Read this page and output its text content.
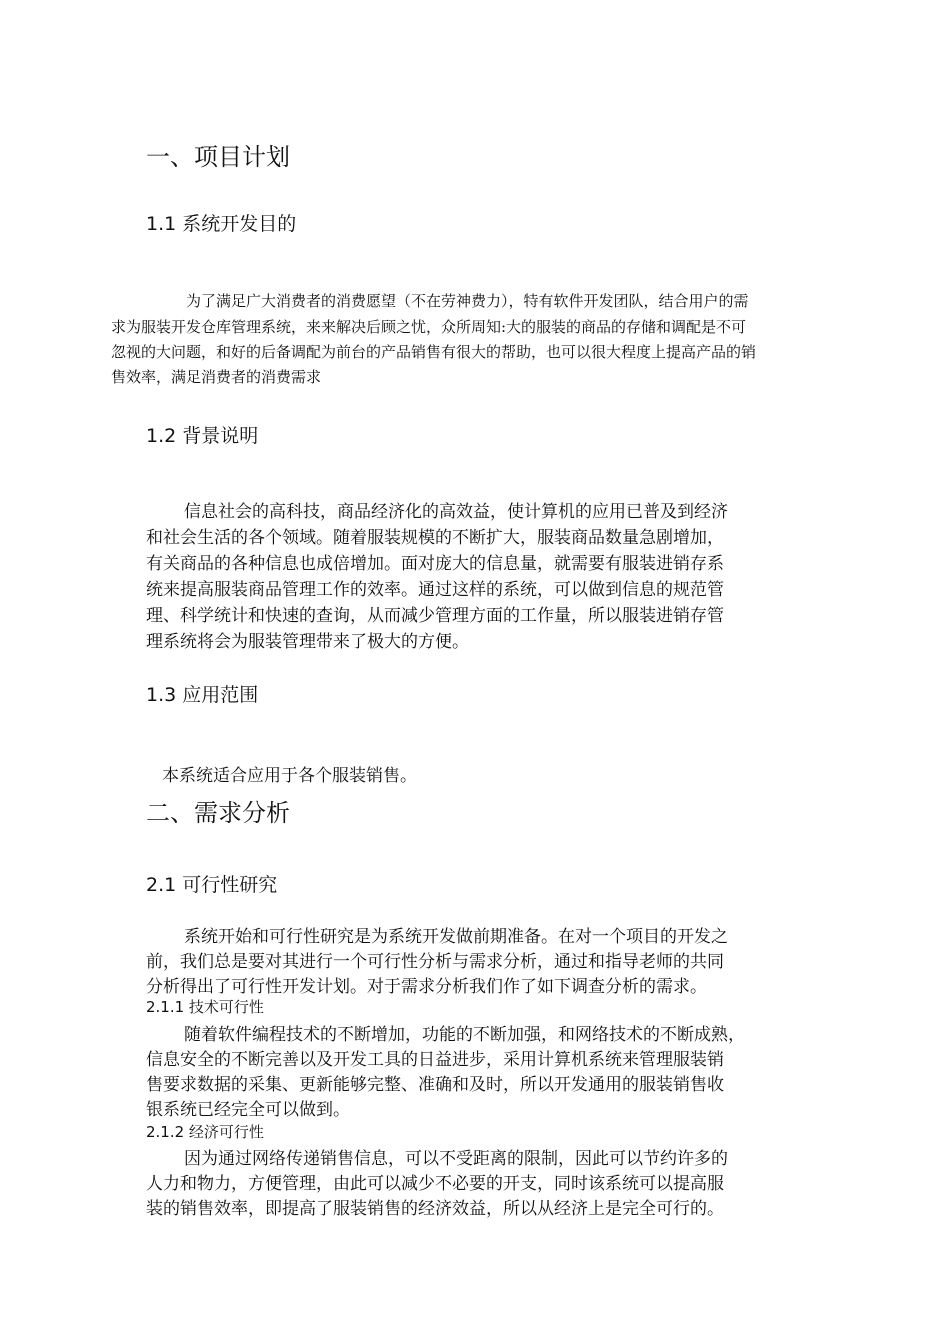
一、项目计划
1.1 系统开发目的
为了满足广大消费者的消费愿望（不在劳神费力），特有软件开发团队，结合用户的需
求为服装开发仓库管理系统，来来解决后顾之忧，众所周知:大的服装的商品的存储和调配是不可
忽视的大问题，和好的后备调配为前台的产品销售有很大的帮助，也可以很大程度上提高产品的销
售效率，满足消费者的消费需求
1.2 背景说明
信息社会的高科技，商品经济化的高效益，使计算机的应用已普及到经济
和社会生活的各个领域。随着服装规模的不断扩大，服装商品数量急剧增加，
有关商品的各种信息也成倍增加。面对庞大的信息量，就需要有服装进销存系
统来提高服装商品管理工作的效率。通过这样的系统，可以做到信息的规范管
理、科学统计和快速的查询，从而减少管理方面的工作量，所以服装进销存管
理系统将会为服装管理带来了极大的方便。
1.3 应用范围
本系统适合应用于各个服装销售。
二、需求分析
2.1 可行性研究
系统开始和可行性研究是为系统开发做前期准备。在对一个项目的开发之
前，我们总是要对其进行一个可行性分析与需求分析，通过和指导老师的共同
分析得出了可行性开发计划。对于需求分析我们作了如下调查分析的需求。
2.1.1 技术可行性
随着软件编程技术的不断增加，功能的不断加强，和网络技术的不断成熟，
信息安全的不断完善以及开发工具的日益进步，采用计算机系统来管理服装销
售要求数据的采集、更新能够完整、准确和及时，所以开发通用的服装销售收
银系统已经完全可以做到。
2.1.2 经济可行性
因为通过网络传递销售信息，可以不受距离的限制，因此可以节约许多的
人力和物力，方便管理，由此可以减少不必要的开支，同时该系统可以提高服
装的销售效率，即提高了服装销售的经济效益，所以从经济上是完全可行的。
